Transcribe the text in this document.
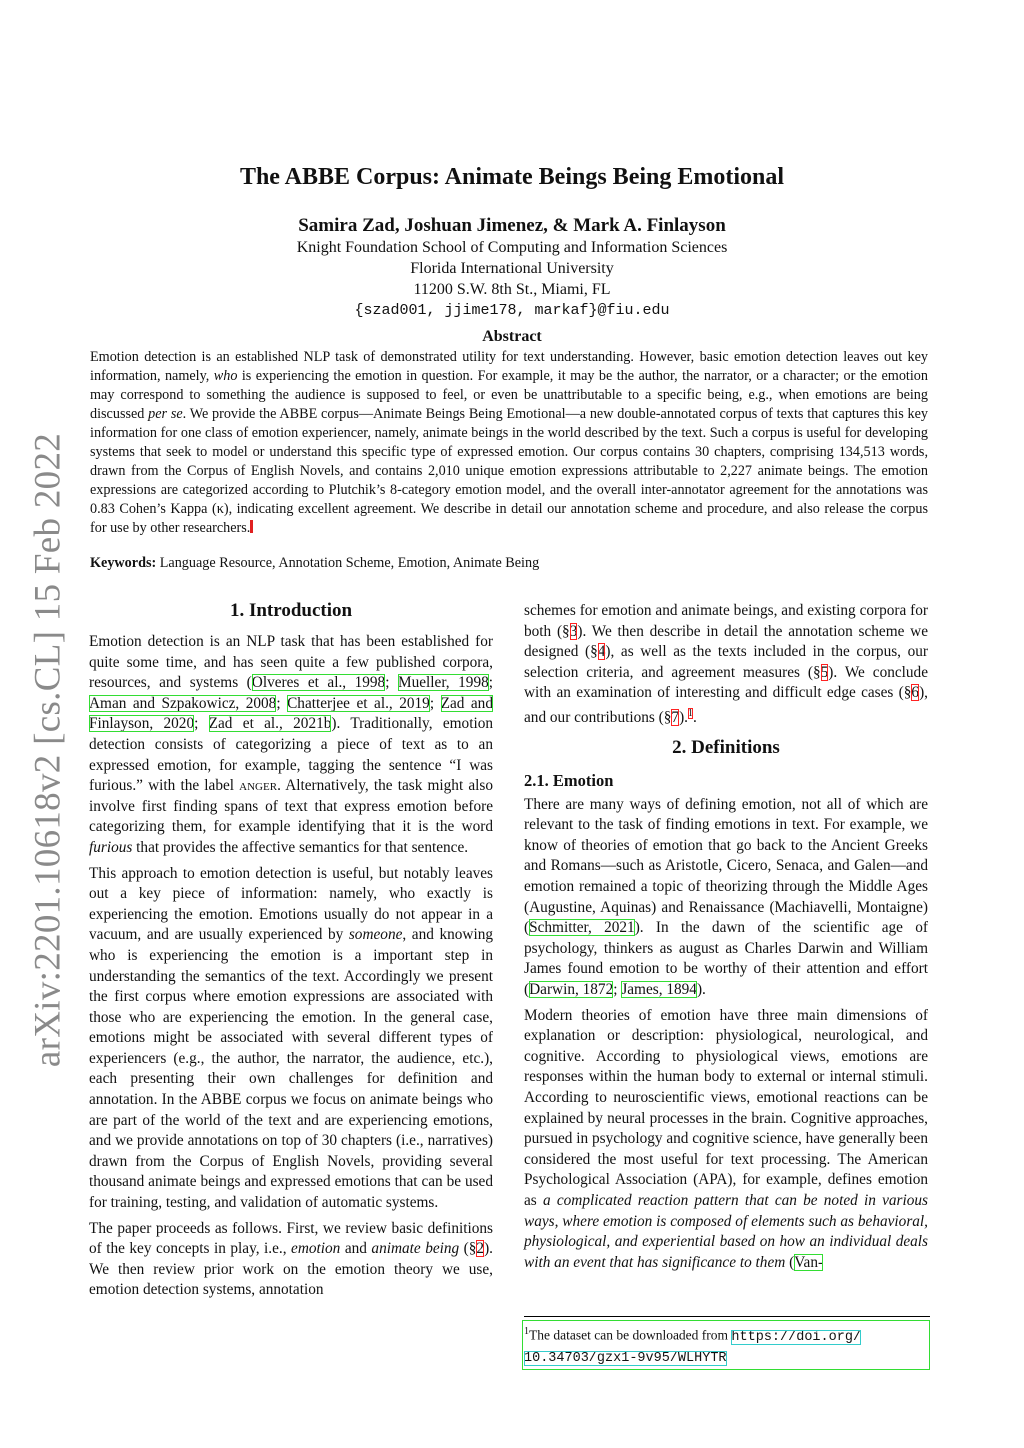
arXiv:2201.10618v2 [cs.CL] 15 Feb 2022
The ABBE Corpus: Animate Beings Being Emotional
Samira Zad, Joshuan Jimenez, & Mark A. Finlayson
Knight Foundation School of Computing and Information Sciences
Florida International University
11200 S.W. 8th St., Miami, FL
{szad001, jjime178, markaf}@fiu.edu
Abstract

Emotion detection is an established NLP task of demonstrated utility for text understanding. However, basic emotion detection leaves out key information, namely, who is experiencing the emotion in question. For example, it may be the author, the narrator, or a character; or the emotion may correspond to something the audience is supposed to feel, or even be unattributable to a specific being, e.g., when emotions are being discussed per se. We provide the ABBE corpus—Animate Beings Being Emotional—a new double-annotated corpus of texts that captures this key information for one class of emotion experiencer, namely, animate beings in the world described by the text. Such a corpus is useful for developing systems that seek to model or understand this specific type of expressed emotion. Our corpus contains 30 chapters, comprising 134,513 words, drawn from the Corpus of English Novels, and contains 2,010 unique emotion expressions attributable to 2,227 animate beings. The emotion expressions are categorized according to Plutchik’s 8-category emotion model, and the overall inter-annotator agreement for the annotations was 0.83 Cohen’s Kappa (κ), indicating excellent agreement. We describe in detail our annotation scheme and procedure, and also release the corpus for use by other researchers.

Keywords: Language Resource, Annotation Scheme, Emotion, Animate Being
1. Introduction

Emotion detection is an NLP task that has been established for quite some time, and has seen quite a few published corpora, resources, and systems (Olveres et al., 1998; Mueller, 1998; Aman and Szpakowicz, 2008; Chatterjee et al., 2019; Zad and Finlayson, 2020; Zad et al., 2021b). Traditionally, emotion detection consists of categorizing a piece of text as to an expressed emotion, for example, tagging the sentence “I was furious.” with the label anger. Alternatively, the task might also involve first finding spans of text that express emotion before categorizing them, for example identifying that it is the word furious that provides the affective semantics for that sentence.

This approach to emotion detection is useful, but notably leaves out a key piece of information: namely, who exactly is experiencing the emotion. Emotions usually do not appear in a vacuum, and are usually experienced by someone, and knowing who is experiencing the emotion is a important step in understanding the semantics of the text. Accordingly we present the first corpus where emotion expressions are associated with those who are experiencing the emotion. In the general case, emotions might be associated with several different types of experiencers (e.g., the author, the narrator, the audience, etc.), each presenting their own challenges for definition and annotation. In the ABBE corpus we focus on animate beings who are part of the world of the text and are experiencing emotions, and we provide annotations on top of 30 chapters (i.e., narratives) drawn from the Corpus of English Novels, providing several thousand animate beings and expressed emotions that can be used for training, testing, and validation of automatic systems.

The paper proceeds as follows. First, we review basic definitions of the key concepts in play, i.e., emotion and animate being (§2). We then review prior work on the emotion theory we use, emotion detection systems, annotation

schemes for emotion and animate beings, and existing corpora for both (§3). We then describe in detail the annotation scheme we designed (§4), as well as the texts included in the corpus, our selection criteria, and agreement measures (§5). We conclude with an examination of interesting and difficult edge cases (§6), and our contributions (§7).$^1$.

2. Definitions
2.1. Emotion

There are many ways of defining emotion, not all of which are relevant to the task of finding emotions in text. For example, we know of theories of emotion that go back to the Ancient Greeks and Romans—such as Aristotle, Cicero, Senaca, and Galen—and emotion remained a topic of theorizing through the Middle Ages (Augustine, Aquinas) and Renaissance (Machiavelli, Montaigne) (Schmitter, 2021). In the dawn of the scientific age of psychology, thinkers as august as Charles Darwin and William James found emotion to be worthy of their attention and effort (Darwin, 1872; James, 1894).

Modern theories of emotion have three main dimensions of explanation or description: physiological, neurological, and cognitive. According to physiological views, emotions are responses within the human body to external or internal stimuli. According to neuroscientific views, emotional reactions can be explained by neural processes in the brain. Cognitive approaches, pursued in psychology and cognitive science, have generally been considered the most useful for text processing. The American Psychological Association (APA), for example, defines emotion as a complicated reaction pattern that can be noted in various ways, where emotion is composed of elements such as behavioral, physiological, and experiential based on how an individual deals with an event that has significance to them (Van-

$^1$The dataset can be downloaded from https://doi.org/
10.34703/gzx1-9v95/WLHYTR
